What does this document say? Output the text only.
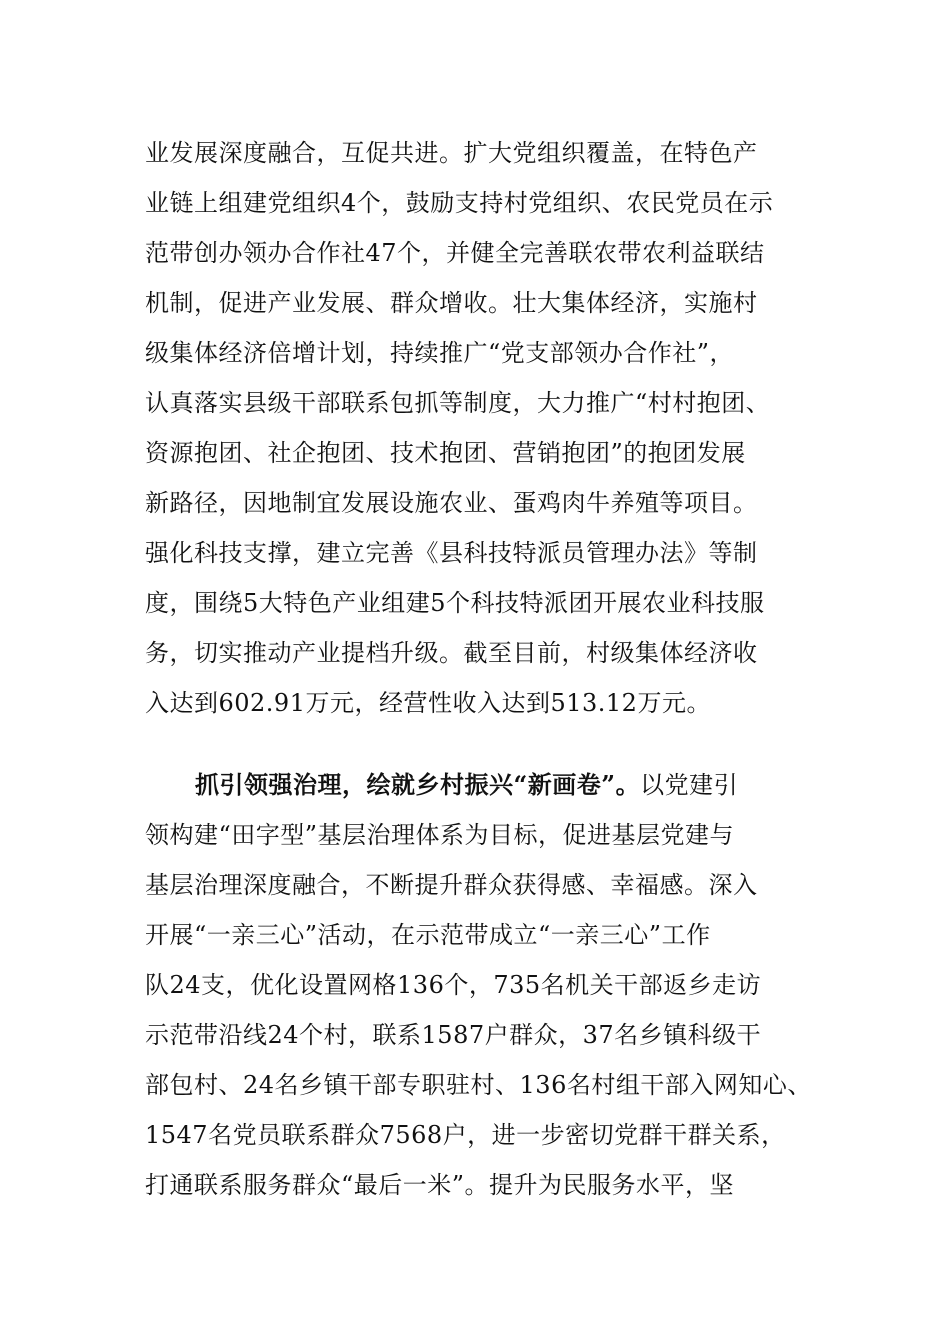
业发展深度融合，互促共进。扩大党组织覆盖，在特色产
业链上组建党组织4个，鼓励支持村党组织、农民党员在示
范带创办领办合作社47个，并健全完善联农带农利益联结
机制，促进产业发展、群众增收。壮大集体经济，实施村
级集体经济倍增计划，持续推广“党支部领办合作社”，
认真落实县级干部联系包抓等制度，大力推广“村村抱团、
资源抱团、社企抱团、技术抱团、营销抱团”的抱团发展
新路径，因地制宜发展设施农业、蛋鸡肉牛养殖等项目。
强化科技支撑，建立完善《县科技特派员管理办法》等制
度，围绕5大特色产业组建5个科技特派团开展农业科技服
务，切实推动产业提档升级。截至目前，村级集体经济收
入达到602.91万元，经营性收入达到513.12万元。
抓引领强治理，绘就乡村振兴“新画卷”。以党建引
领构建“田字型”基层治理体系为目标，促进基层党建与
基层治理深度融合，不断提升群众获得感、幸福感。深入
开展“一亲三心”活动，在示范带成立“一亲三心”工作
队24支，优化设置网格136个，735名机关干部返乡走访
示范带沿线24个村，联系1587户群众，37名乡镇科级干
部包村、24名乡镇干部专职驻村、136名村组干部入网知心、
1547名党员联系群众7568户，进一步密切党群干群关系，
打通联系服务群众“最后一米”。提升为民服务水平，坚
